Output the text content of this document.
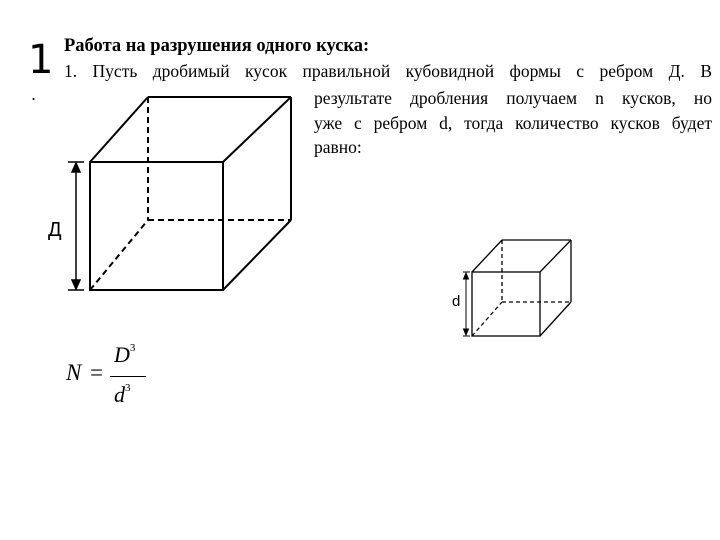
1
.
Работа на разрушения одного куска:
1. Пусть дробимый кусок правильной кубовидной формы с ребром Д. В
результате дробления получаем n кусков, но
уже с ребром d, тогда количество кусков будет
равно:
Д
d
N =
$D^3$
$d^3$
